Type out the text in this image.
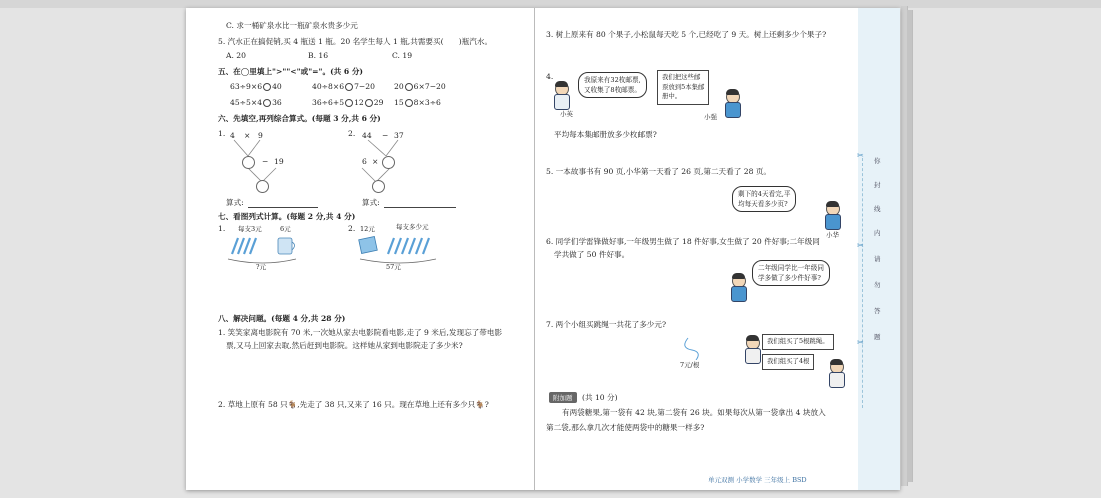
C. 求一桶矿泉水比一瓶矿泉水贵多少元
5. 汽水正在搞促销,买 4 瓶送 1 瓶。20 名学生每人 1 瓶,共需要买(　　)瓶汽水。
A. 20	B. 16	C. 19
五、在◯里填上">""<"或"="。(共 6 分)
63÷9×6 40	40÷8×6 7−20	20 6×7−20
45÷5×4 36	36÷6+5 12 29 15 8×3÷6
六、先填空,再列综合算式。(每题 3 分,共 6 分)
1. 4 × 9
− 19
算式:
2. 44 − 37
6 ×
算式:
七、看图列式计算。(每题 2 分,共 4 分)
1. 每支3元	6元
?元
2. 12元	每支多少元
57元
八、解决问题。(每题 4 分,共 28 分)
1. 笑笑家离电影院有 70 米,一次她从家去电影院看电影,走了 9 米后,发现忘了带电影
票,又马上回家去取,然后赶到电影院。这样她从家到电影院走了多少米?
2. 草地上原有 58 只🐐,先走了 38 只,又来了 16 只。现在草地上还有多少只🐐?
3. 树上原来有 80 个果子,小松鼠每天吃 5 个,已经吃了 9 天。树上还剩多少个果子?
4.	我原来有32枚邮票,
又收集了8枚邮票。
小英
我们把这些邮
票放到5本集邮
册中。
小强
平均每本集邮册放多少枚邮票?
5. 一本故事书有 90 页,小华第一天看了 26 页,第二天看了 28 页。
剩下的4天看完,平
均每天看多少页?
小华
6. 同学们学雷锋做好事,一年级男生做了 18 件好事,女生做了 20 件好事;二年级同
学共做了 50 件好事。
二年级同学比一年级同
学多做了多少件好事?
7. 两个小组买跳绳一共花了多少元?
7元/根
我们组买了5根跳绳。
我们组买了4根
附加题	(共 10 分)
有两袋糖果,第一袋有 42 块,第二袋有 26 块。如果每次从第一袋拿出 4 块放入
第二袋,那么拿几次才能使两袋中的糖果一样多?
单元双测 小学数学 三年级上 BSD
✂
✂
✂
你
封
线
内
请
勿
答
题
